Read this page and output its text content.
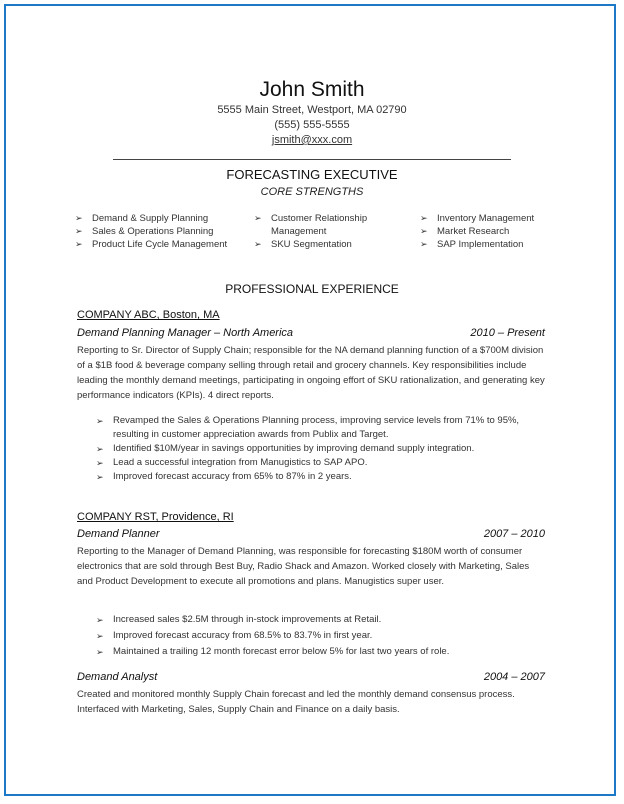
John Smith
5555 Main Street, Westport, MA 02790
(555) 555-5555
jsmith@xxx.com
FORECASTING EXECUTIVE
CORE STRENGTHS
➢ Demand & Supply Planning
➢ Sales & Operations Planning
➢ Product Life Cycle Management
➢ Customer Relationship Management
➢ SKU Segmentation
➢ Inventory Management
➢ Market Research
➢ SAP Implementation
PROFESSIONAL EXPERIENCE
COMPANY ABC, Boston, MA
Demand Planning Manager – North America	2010 – Present
Reporting to Sr. Director of Supply Chain; responsible for the NA demand planning function of a $700M division of a $1B food & beverage company selling through retail and grocery channels. Key responsibilities include leading the monthly demand meetings, participating in ongoing effort of SKU rationalization, and generating key performance indicators (KPIs). 4 direct reports.
➢ Revamped the Sales & Operations Planning process, improving service levels from 71% to 95%, resulting in customer appreciation awards from Publix and Target.
➢ Identified $10M/year in savings opportunities by improving demand supply integration.
➢ Lead a successful integration from Manugistics to SAP APO.
➢ Improved forecast accuracy from 65% to 87% in 2 years.
COMPANY RST, Providence, RI
Demand Planner	2007 – 2010
Reporting to the Manager of Demand Planning, was responsible for forecasting $180M worth of consumer electronics that are sold through Best Buy, Radio Shack and Amazon. Worked closely with Marketing, Sales and Product Development to execute all promotions and plans. Manugistics super user.
➢ Increased sales $2.5M through in-stock improvements at Retail.
➢ Improved forecast accuracy from 68.5% to 83.7% in first year.
➢ Maintained a trailing 12 month forecast error below 5% for last two years of role.
Demand Analyst	2004 – 2007
Created and monitored monthly Supply Chain forecast and led the monthly demand consensus process. Interfaced with Marketing, Sales, Supply Chain and Finance on a daily basis.
